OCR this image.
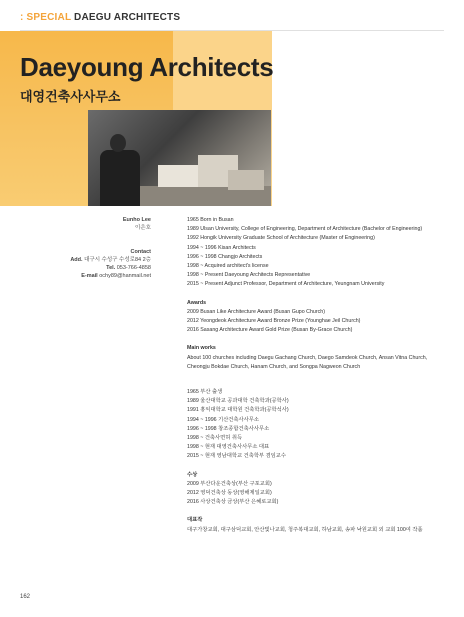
: SPECIAL DAEGU ARCHITECTS
Daeyoung Architects
대영건축사사무소
Eunho Lee
이은호
Contact
Add. 대구시 수성구 수성로84 2층
Tel. 053-766-4858
E-mail ochy89@hanmail.net
1965 Born in Busan
1989 Ulsan University, College of Engineering, Department of Architecture (Bachelor of Engineering)
1992 Hongik University Graduate School of Architecture (Master of Engineering)
1994 ~ 1996 Kisan Architects
1996 ~ 1998 Changjo Architects
1998 ~ Acquired architect's license
1998 ~ Present Daeyoung Architects Representative
2015 ~ Present Adjunct Professor, Department of Architecture, Yeungnam University
Awards
2009 Busan Like Architecture Award (Busan Gupo Church)
2012 Yeongdeok Architecture Award Bronze Prize (Younghae Jeil Church)
2016 Sasang Architecture Award Gold Prize (Busan By-Grace Church)
Main works
About 100 churches including Daegu Gachang Church, Daego Samdeok Church, Ansan Vitna Church, Cheongju Bokdae Church, Hanam Church, and Songpa Nagweon Church
1965 부산 출생
1989 울산대학교 공과대학 건축학과(공학사)
1991 홍익대학교 대학원 건축학과(공학석사)
1994 ~ 1996 기산건축사사무소
1996 ~ 1998 창조종합건축사사무소
1998 ~ 건축사면허 취득
1998 ~ 현재 대영건축사사무소 대표
2015 ~ 현재 영남대학교 건축학부 겸임교수
수상
2009 부산다운건축상(부산 구포교회)
2012 영덕건축상 동상(영해제일교회)
2016 사상건축상 금상(부산 은혜로교회)
대표작
대구가창교회, 대구삼덕교회, 안산빛나교회, 청주복대교회, 하남교회, 송파 낙원교회 외 교회 100여 작품
162
